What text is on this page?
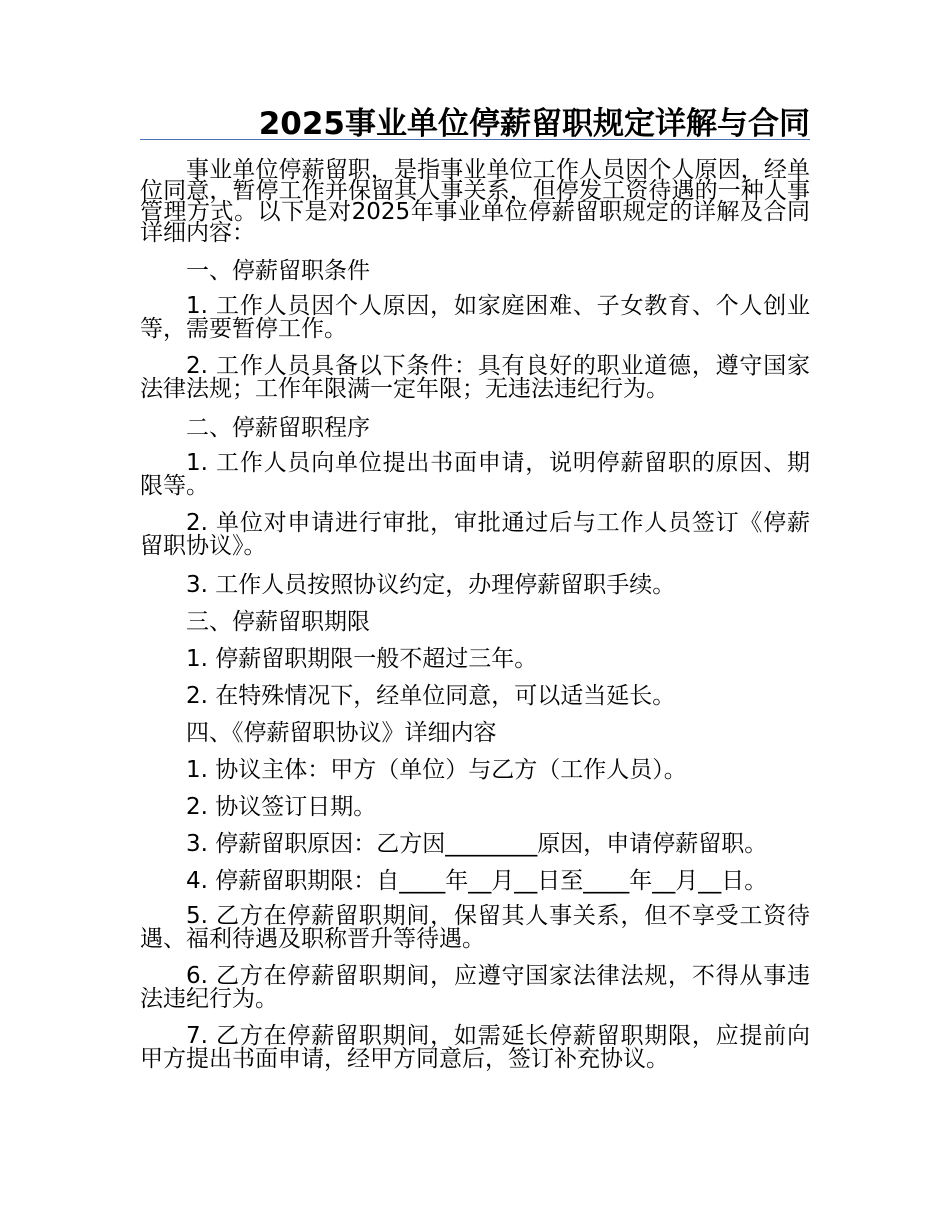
2025事业单位停薪留职规定详解与合同

事业单位停薪留职，是指事业单位工作人员因个人原因，经单位同意，暂停工作并保留其人事关系，但停发工资待遇的一种人事管理方式。以下是对2025年事业单位停薪留职规定的详解及合同详细内容：

一、停薪留职条件

1. 工作人员因个人原因，如家庭困难、子女教育、个人创业等，需要暂停工作。

2. 工作人员具备以下条件：具有良好的职业道德，遵守国家法律法规；工作年限满一定年限；无违法违纪行为。

二、停薪留职程序

1. 工作人员向单位提出书面申请，说明停薪留职的原因、期限等。

2. 单位对申请进行审批，审批通过后与工作人员签订《停薪留职协议》。

3. 工作人员按照协议约定，办理停薪留职手续。

三、停薪留职期限

1. 停薪留职期限一般不超过三年。

2. 在特殊情况下，经单位同意，可以适当延长。

四、《停薪留职协议》详细内容

1. 协议主体：甲方（单位）与乙方（工作人员）。

2. 协议签订日期。

3. 停薪留职原因：乙方因________原因，申请停薪留职。

4. 停薪留职期限：自____年__月__日至____年__月__日。

5. 乙方在停薪留职期间，保留其人事关系，但不享受工资待遇、福利待遇及职称晋升等待遇。

6. 乙方在停薪留职期间，应遵守国家法律法规，不得从事违法违纪行为。

7. 乙方在停薪留职期间，如需延长停薪留职期限，应提前向甲方提出书面申请，经甲方同意后，签订补充协议。
